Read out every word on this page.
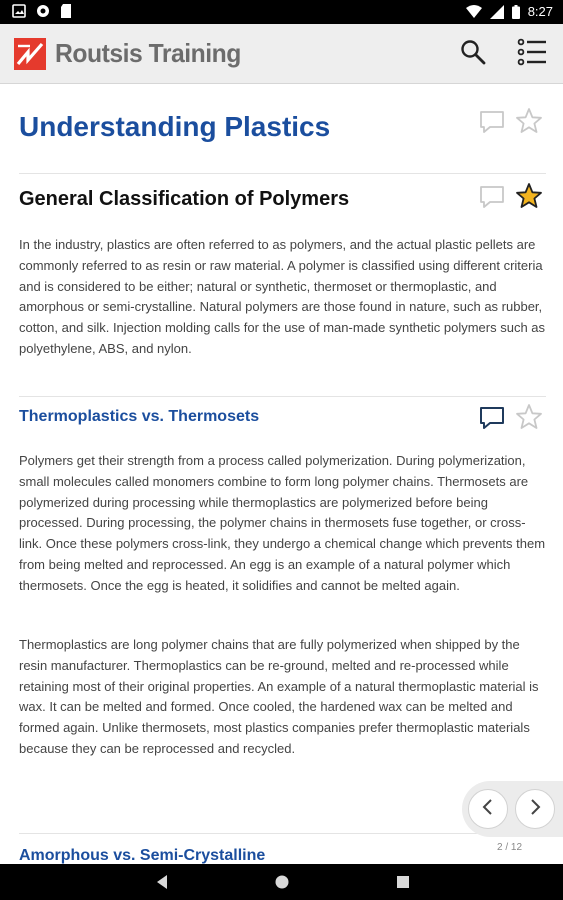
8:27
Routsis Training
Understanding Plastics
General Classification of Polymers

In the industry, plastics are often referred to as polymers, and the actual plastic pellets are commonly referred to as resin or raw material. A polymer is classified using different criteria and is considered to be either; natural or synthetic, thermoset or thermoplastic, and amorphous or semi-crystalline. Natural polymers are those found in nature, such as rubber, cotton, and silk. Injection molding calls for the use of man-made synthetic polymers such as polyethylene, ABS, and nylon.

Thermoplastics vs. Thermosets

Polymers get their strength from a process called polymerization. During polymerization, small molecules called monomers combine to form long polymer chains. Thermosets are polymerized during processing while thermoplastics are polymerized before being processed. During processing, the polymer chains in thermosets fuse together, or cross-link. Once these polymers cross-link, they undergo a chemical change which prevents them from being melted and reprocessed. An egg is an example of a natural polymer which thermosets. Once the egg is heated, it solidifies and cannot be melted again.

Thermoplastics are long polymer chains that are fully polymerized when shipped by the resin manufacturer. Thermoplastics can be re-ground, melted and re-processed while retaining most of their original properties. An example of a natural thermoplastic material is wax. It can be melted and formed. Once cooled, the hardened wax can be melted and formed again. Unlike thermosets, most plastics companies prefer thermoplastic materials because they can be reprocessed and recycled.

Amorphous vs. Semi-Crystalline	2 / 12
